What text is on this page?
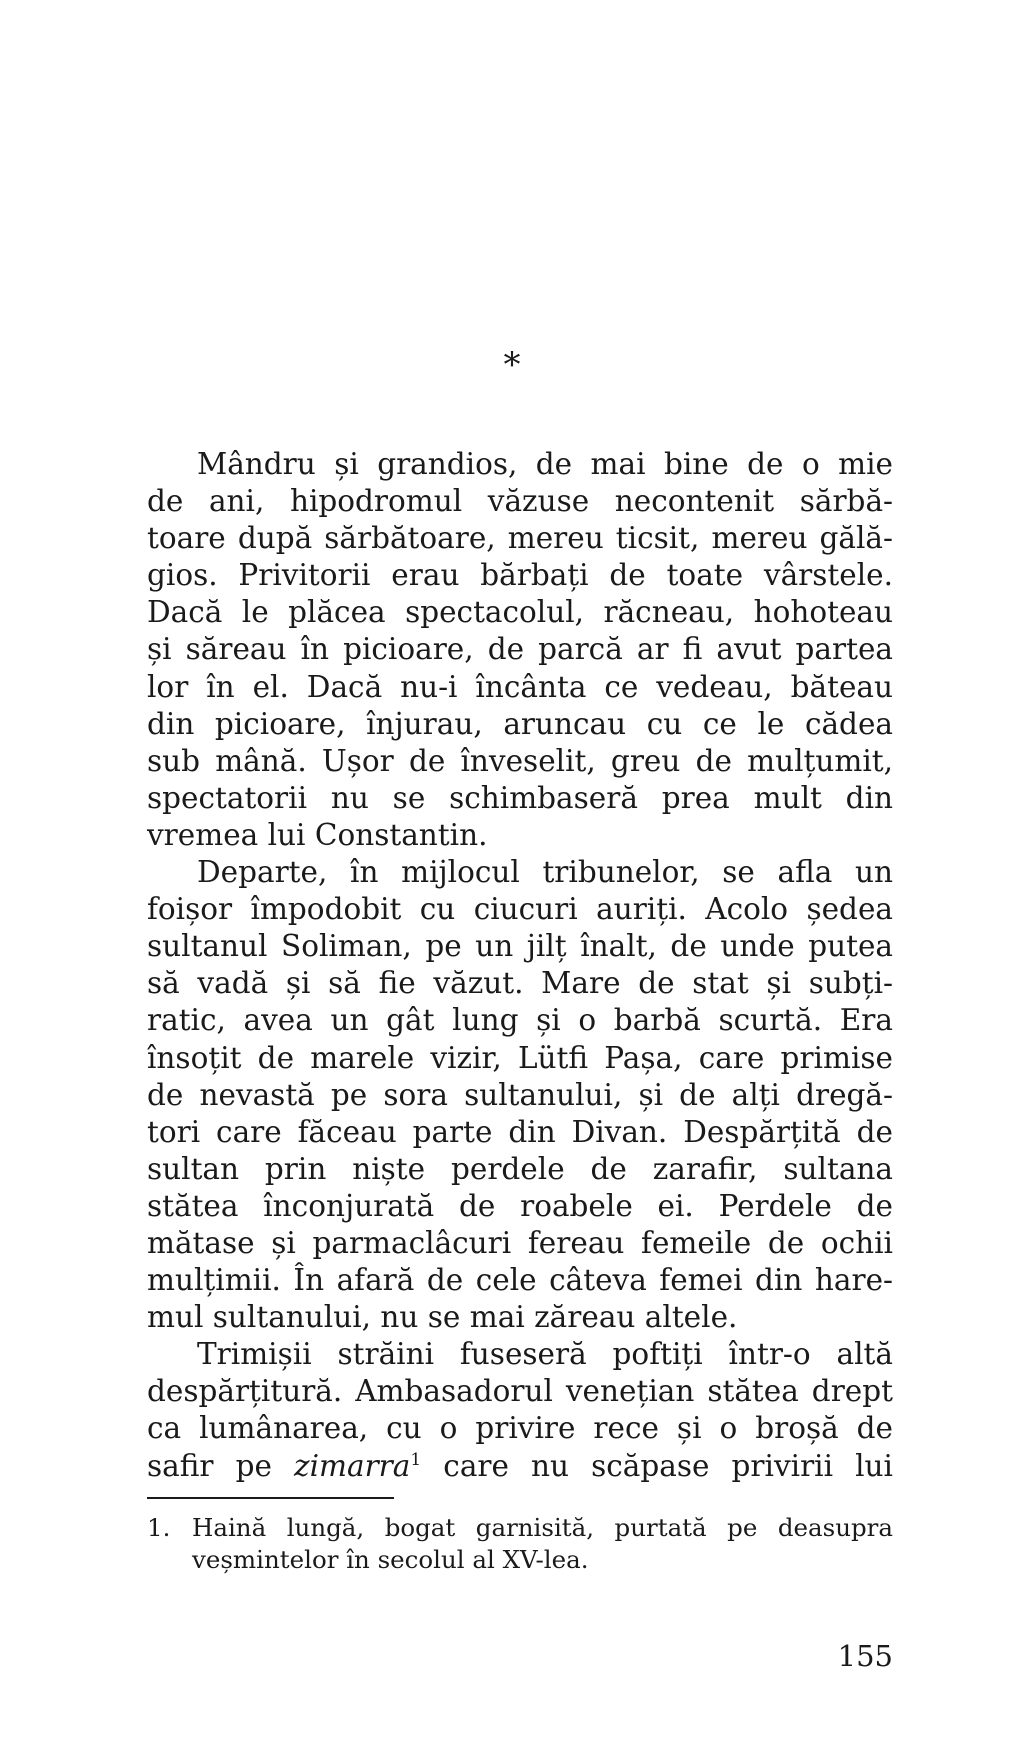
*

Mândru și grandios, de mai bine de o mie
de ani, hipodromul văzuse necontenit sărbă-
toare după sărbătoare, mereu ticsit, mereu gălă-
gios. Privitorii erau bărbați de toate vârstele.
Dacă le plăcea spectacolul, răcneau, hohoteau
și săreau în picioare, de parcă ar fi avut partea
lor în el. Dacă nu-i încânta ce vedeau, băteau
din picioare, înjurau, aruncau cu ce le cădea
sub mână. Ușor de înveselit, greu de mulțumit,
spectatorii nu se schimbaseră prea mult din
vremea lui Constantin.

Departe, în mijlocul tribunelor, se afla un
foișor împodobit cu ciucuri auriți. Acolo ședea
sultanul Soliman, pe un jilț înalt, de unde putea
să vadă și să fie văzut. Mare de stat și subți-
ratic, avea un gât lung și o barbă scurtă. Era
însoțit de marele vizir, Lütfi Pașa, care primise
de nevastă pe sora sultanului, și de alți dregă-
tori care făceau parte din Divan. Despărțită de
sultan prin niște perdele de zarafir, sultana
stătea înconjurată de roabele ei. Perdele de
mătase și parmaclâcuri fereau femeile de ochii
mulțimii. În afară de cele câteva femei din hare-
mul sultanului, nu se mai zăreau altele.

Trimișii străini fuseseră poftiți într-o altă
despărțitură. Ambasadorul venețian stătea drept
ca lumânarea, cu o privire rece și o broșă de
safir pe zimarra$^1$ care nu scăpase privirii lui

1. Haină lungă, bogat garnisită, purtată pe deasupra
veșmintelor în secolul al XV-lea.
155
